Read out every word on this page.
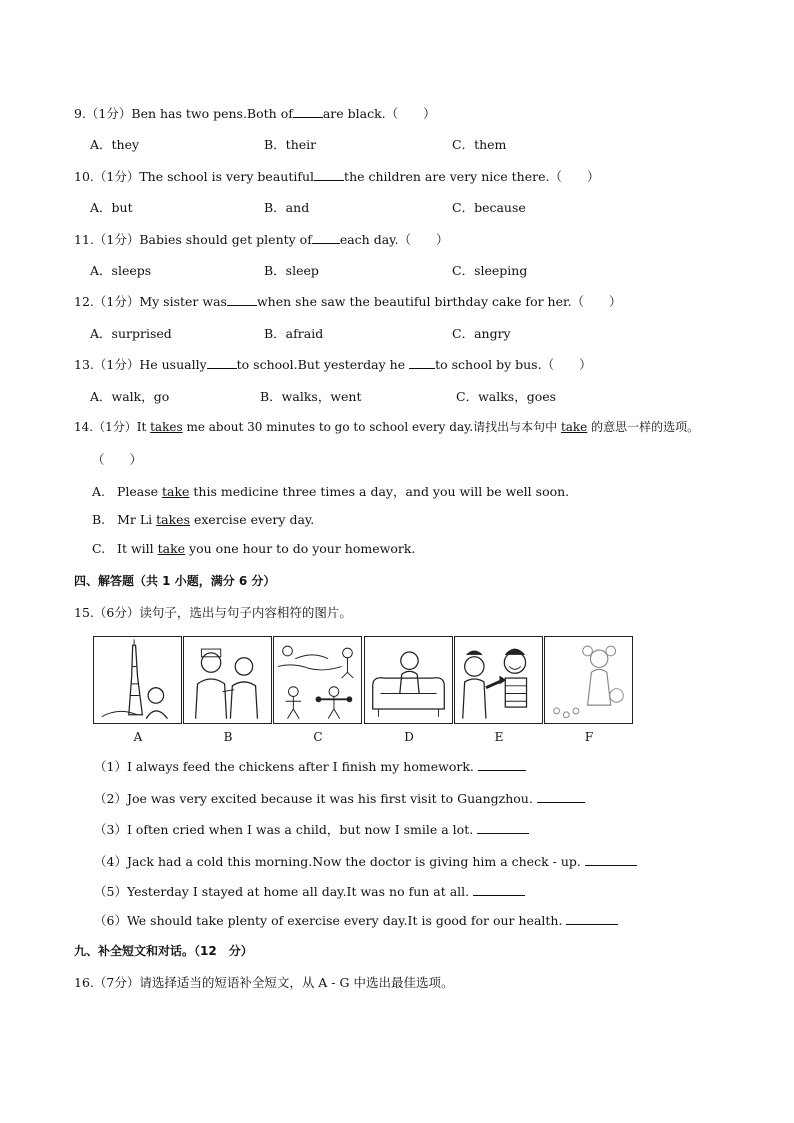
9.（1分）Ben has two pens.Both of are black.（　　）
A．they	B．their	C．them
10.（1分）The school is very beautiful the children are very nice there.（　　）
A．but	B．and	C．because
11.（1分）Babies should get plenty of each day.（　　）
A．sleeps	B．sleep	C．sleeping
12.（1分）My sister was when she saw the beautiful birthday cake for her.（　　）
A．surprised	B．afraid	C．angry
13.（1分）He usually to school.But yesterday he to school by bus.（　　）
A．walk，go	B．walks，went	C．walks，goes
14.（1分）It takes me about 30 minutes to go to school every day.请找出与本句中 take 的意思一样的选项。
（　　）
A. Please take this medicine three times a day，and you will be well soon.
B. Mr Li takes exercise every day.
C. It will take you one hour to do your homework.
四、解答题（共 1 小题，满分 6 分）
15.（6分）读句子，选出与句子内容相符的图片。
A	B	C	D	E	F
（1）I always feed the chickens after I finish my homework.
（2）Joe was very excited because it was his first visit to Guangzhou.
（3）I often cried when I was a child，but now I smile a lot.
（4）Jack had a cold this morning.Now the doctor is giving him a check - up.
（5）Yesterday I stayed at home all day.It was no fun at all.
（6）We should take plenty of exercise every day.It is good for our health.
九、补全短文和对话。（12　分）
16.（7分）请选择适当的短语补全短文，从 A - G 中选出最佳选项。
